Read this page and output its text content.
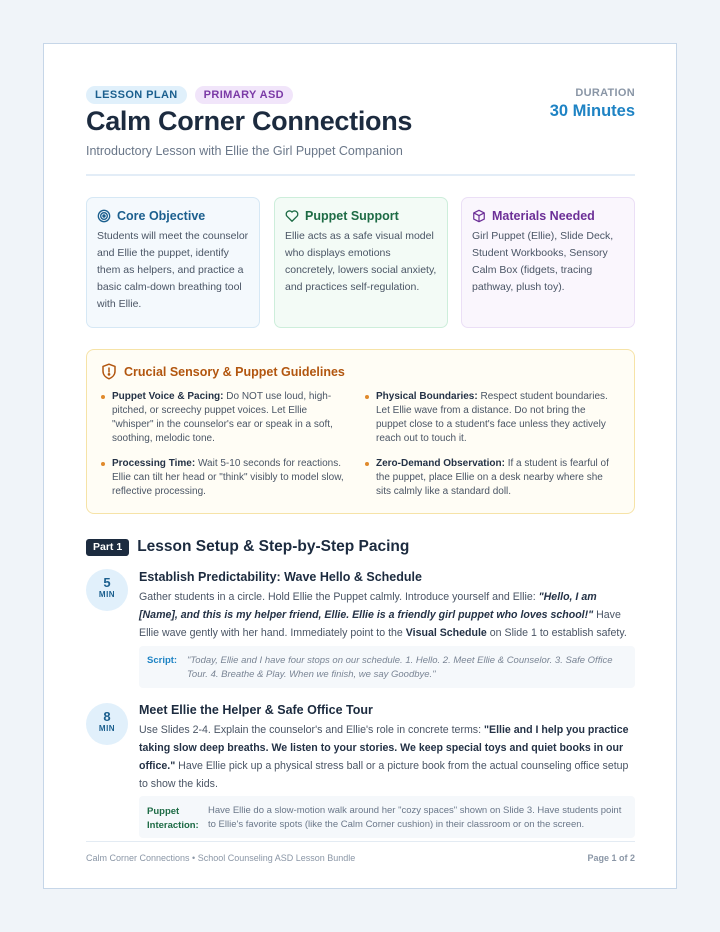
LESSON PLAN	PRIMARY ASD
Calm Corner Connections
Introductory Lesson with Ellie the Girl Puppet Companion
DURATION
30 Minutes
Core Objective
Students will meet the counselor and Ellie the puppet, identify them as helpers, and practice a basic calm-down breathing tool with Ellie.
Puppet Support
Ellie acts as a safe visual model who displays emotions concretely, lowers social anxiety, and practices self-regulation.
Materials Needed
Girl Puppet (Ellie), Slide Deck, Student Workbooks, Sensory Calm Box (fidgets, tracing pathway, plush toy).
Crucial Sensory & Puppet Guidelines
Puppet Voice & Pacing: Do NOT use loud, high-pitched, or screechy puppet voices. Let Ellie "whisper" in the counselor's ear or speak in a soft, soothing, melodic tone.
Physical Boundaries: Respect student boundaries. Let Ellie wave from a distance. Do not bring the puppet close to a student's face unless they actively reach out to touch it.
Processing Time: Wait 5-10 seconds for reactions. Ellie can tilt her head or "think" visibly to model slow, reflective processing.
Zero-Demand Observation: If a student is fearful of the puppet, place Ellie on a desk nearby where she sits calmly like a standard doll.
Part 1 Lesson Setup & Step-by-Step Pacing
5
MIN
Establish Predictability: Wave Hello & Schedule
Gather students in a circle. Hold Ellie the Puppet calmly. Introduce yourself and Ellie: "Hello, I am [Name], and this is my helper friend, Ellie. Ellie is a friendly girl puppet who loves school!" Have Ellie wave gently with her hand. Immediately point to the Visual Schedule on Slide 1 to establish safety.
Script: "Today, Ellie and I have four stops on our schedule. 1. Hello. 2. Meet Ellie & Counselor. 3. Safe Office Tour. 4. Breathe & Play. When we finish, we say Goodbye."
8
MIN
Meet Ellie the Helper & Safe Office Tour
Use Slides 2-4. Explain the counselor's and Ellie's role in concrete terms: "Ellie and I help you practice taking slow deep breaths. We listen to your stories. We keep special toys and quiet books in our office." Have Ellie pick up a physical stress ball or a picture book from the actual counseling office setup to show the kids.
Puppet Interaction:
Have Ellie do a slow-motion walk around her "cozy spaces" shown on Slide 3. Have students point to Ellie's favorite spots (like the Calm Corner cushion) in their classroom or on the screen.
Calm Corner Connections • School Counseling ASD Lesson Bundle	Page 1 of 2
